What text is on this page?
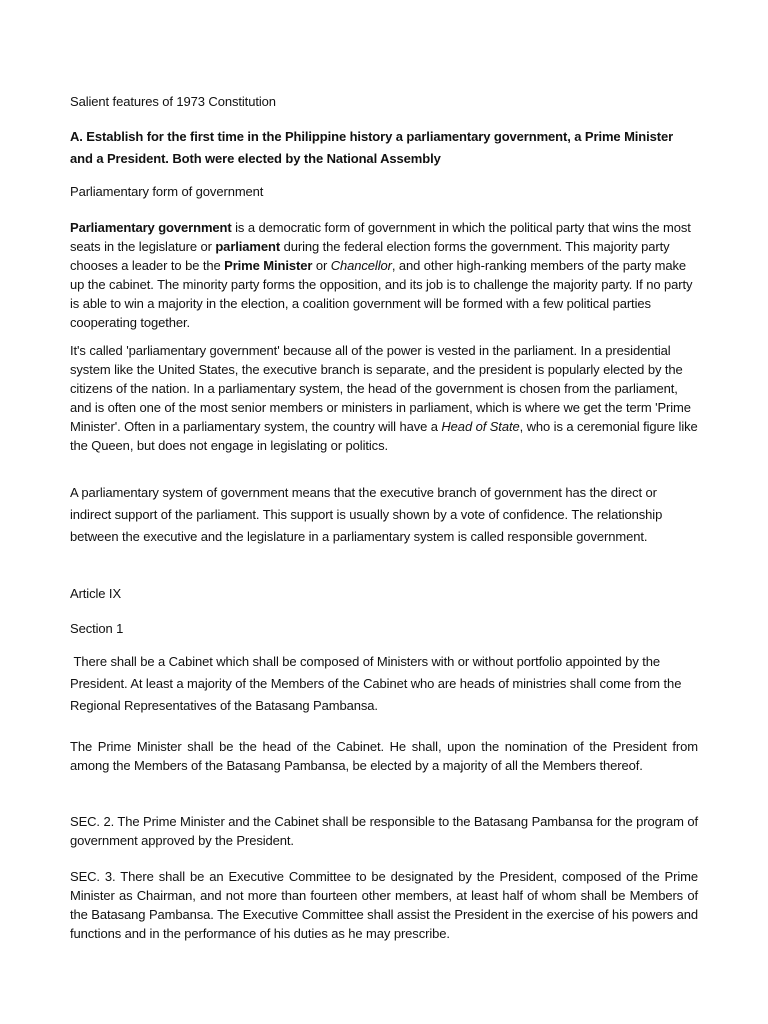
Salient features of 1973 Constitution

A. Establish for the first time in the Philippine history a parliamentary government, a Prime Minister and a President. Both were elected by the National Assembly

Parliamentary form of government

Parliamentary government is a democratic form of government in which the political party that wins the most seats in the legislature or parliament during the federal election forms the government. This majority party chooses a leader to be the Prime Minister or Chancellor, and other high-ranking members of the party make up the cabinet. The minority party forms the opposition, and its job is to challenge the majority party. If no party is able to win a majority in the election, a coalition government will be formed with a few political parties cooperating together.

It's called 'parliamentary government' because all of the power is vested in the parliament. In a presidential system like the United States, the executive branch is separate, and the president is popularly elected by the citizens of the nation. In a parliamentary system, the head of the government is chosen from the parliament, and is often one of the most senior members or ministers in parliament, which is where we get the term 'Prime Minister'. Often in a parliamentary system, the country will have a Head of State, who is a ceremonial figure like the Queen, but does not engage in legislating or politics.

A parliamentary system of government means that the executive branch of government has the direct or indirect support of the parliament. This support is usually shown by a vote of confidence. The relationship between the executive and the legislature in a parliamentary system is called responsible government.

Article IX

Section 1

There shall be a Cabinet which shall be composed of Ministers with or without portfolio appointed by the President. At least a majority of the Members of the Cabinet who are heads of ministries shall come from the Regional Representatives of the Batasang Pambansa.

The Prime Minister shall be the head of the Cabinet. He shall, upon the nomination of the President from among the Members of the Batasang Pambansa, be elected by a majority of all the Members thereof.

SEC. 2. The Prime Minister and the Cabinet shall be responsible to the Batasang Pambansa for the program of government approved by the President.

SEC. 3. There shall be an Executive Committee to be designated by the President, composed of the Prime Minister as Chairman, and not more than fourteen other members, at least half of whom shall be Members of the Batasang Pambansa. The Executive Committee shall assist the President in the exercise of his powers and functions and in the performance of his duties as he may prescribe.
